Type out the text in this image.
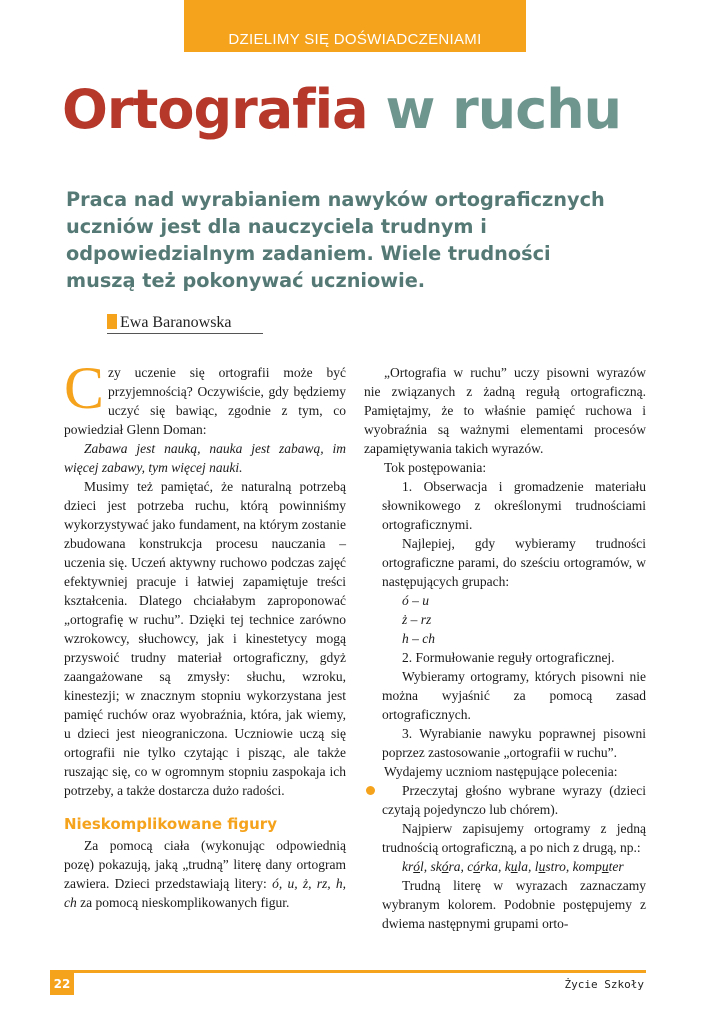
DZIELIMY SIĘ DOŚWIADCZENIAMI
Ortografia w ruchu

Praca nad wyrabianiem nawyków ortograficznych uczniów jest dla nauczyciela trudnym i odpowiedzialnym zadaniem. Wiele trudności muszą też pokonywać uczniowie.

Ewa Baranowska

Czy uczenie się ortografii może być przyjemnością? Oczywiście, gdy będziemy uczyć się bawiąc, zgodnie z tym, co powiedział Glenn Doman:

Zabawa jest nauką, nauka jest zabawą, im więcej zabawy, tym więcej nauki.

Musimy też pamiętać, że naturalną potrzebą dzieci jest potrzeba ruchu, którą powinniśmy wykorzystywać jako fundament, na którym zostanie zbudowana konstrukcja procesu nauczania – uczenia się. Uczeń aktywny ruchowo podczas zajęć efektywniej pracuje i łatwiej zapamiętuje treści kształcenia. Dlatego chciałabym zaproponować „ortografię w ruchu”. Dzięki tej technice zarówno wzrokowcy, słuchowcy, jak i kinestetycy mogą przyswoić trudny materiał ortograficzny, gdyż zaangażowane są zmysły: słuchu, wzroku, kinestezji; w znacznym stopniu wykorzystana jest pamięć ruchów oraz wyobraźnia, która, jak wiemy, u dzieci jest nieograniczona. Uczniowie uczą się ortografii nie tylko czytając i pisząc, ale także ruszając się, co w ogromnym stopniu zaspokaja ich potrzeby, a także dostarcza dużo radości.

Nieskomplikowane figury

Za pomocą ciała (wykonując odpowiednią pozę) pokazują, jaką „trudną” literę dany ortogram zawiera. Dzieci przedstawiają litery: ó, u, ż, rz, h, ch za pomocą nieskomplikowanych figur.

„Ortografia w ruchu” uczy pisowni wyrazów nie związanych z żadną regułą ortograficzną. Pamiętajmy, że to właśnie pamięć ruchowa i wyobraźnia są ważnymi elementami procesów zapamiętywania takich wyrazów.

Tok postępowania:

1. Obserwacja i gromadzenie materiału słownikowego z określonymi trudnościami ortograficznymi.

Najlepiej, gdy wybieramy trudności ortograficzne parami, do sześciu ortogramów, w następujących grupach:

ó – u

ż – rz

h – ch

2. Formułowanie reguły ortograficznej.

Wybieramy ortogramy, których pisowni nie można wyjaśnić za pomocą zasad ortograficznych.

3. Wyrabianie nawyku poprawnej pisowni poprzez zastosowanie „ortografii w ruchu”.

Wydajemy uczniom następujące polecenia:

Przeczytaj głośno wybrane wyrazy (dzieci czytają pojedynczo lub chórem).

Najpierw zapisujemy ortogramy z jedną trudnością ortograficzną, a po nich z drugą, np.:

król, skóra, córka, kula, lustro, komputer

Trudną literę w wyrazach zaznaczamy wybranym kolorem. Podobnie postępujemy z dwiema następnymi grupami orto-

22	Życie Szkoły
